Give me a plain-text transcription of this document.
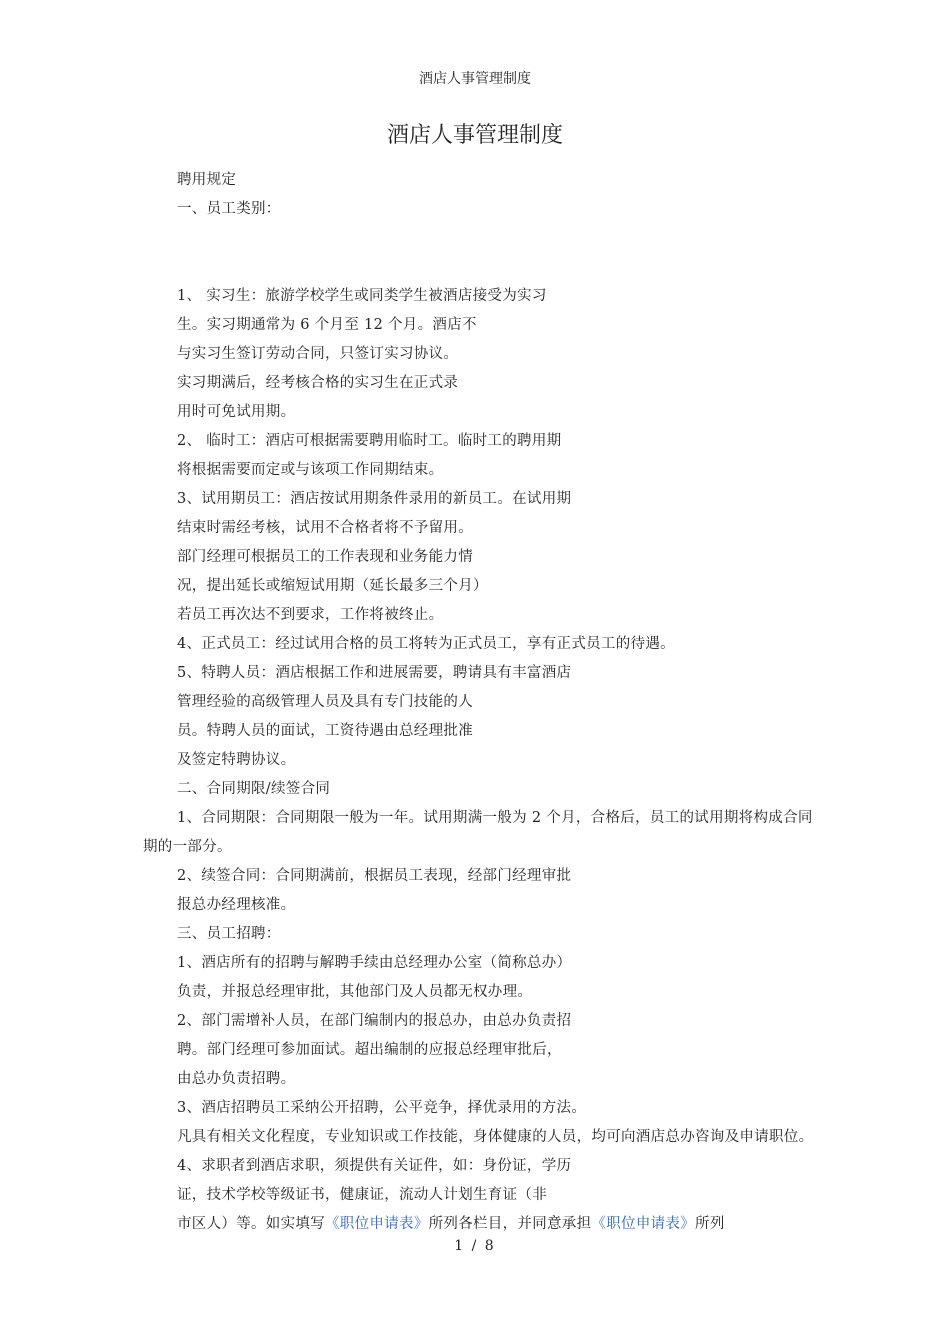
酒店人事管理制度
酒店人事管理制度

聘用规定

一、员工类别：

1、 实习生：旅游学校学生或同类学生被酒店接受为实习

生。实习期通常为 6 个月至 12 个月。酒店不

与实习生签订劳动合同，只签订实习协议。

实习期满后，经考核合格的实习生在正式录

用时可免试用期。

2、 临时工：酒店可根据需要聘用临时工。临时工的聘用期

将根据需要而定或与该项工作同期结束。

3、试用期员工：酒店按试用期条件录用的新员工。在试用期

结束时需经考核，试用不合格者将不予留用。

部门经理可根据员工的工作表现和业务能力情

况，提出延长或缩短试用期（延长最多三个月）

若员工再次达不到要求，工作将被终止。

4、正式员工：经过试用合格的员工将转为正式员工，享有正式员工的待遇。

5、特聘人员：酒店根据工作和进展需要，聘请具有丰富酒店

管理经验的高级管理人员及具有专门技能的人

员。特聘人员的面试，工资待遇由总经理批准

及签定特聘协议。

二、合同期限/续签合同

1、合同期限：合同期限一般为一年。试用期满一般为 2 个月，合格后，员工的试用期将构成合同期的一部分。

2、续签合同：合同期满前，根据员工表现，经部门经理审批

报总办经理核准。

三、员工招聘：

1、酒店所有的招聘与解聘手续由总经理办公室（简称总办）

负责，并报总经理审批，其他部门及人员都无权办理。

2、部门需增补人员，在部门编制内的报总办，由总办负责招

聘。部门经理可参加面试。超出编制的应报总经理审批后，

由总办负责招聘。

3、酒店招聘员工采纳公开招聘，公平竞争，择优录用的方法。

凡具有相关文化程度，专业知识或工作技能，身体健康的人员，均可向酒店总办咨询及申请职位。

4、求职者到酒店求职，须提供有关证件，如：身份证，学历

证，技术学校等级证书，健康证，流动人计划生育证（非

市区人）等。如实填写《职位申请表》所列各栏目，并同意承担《职位申请表》所列

1 / 8
